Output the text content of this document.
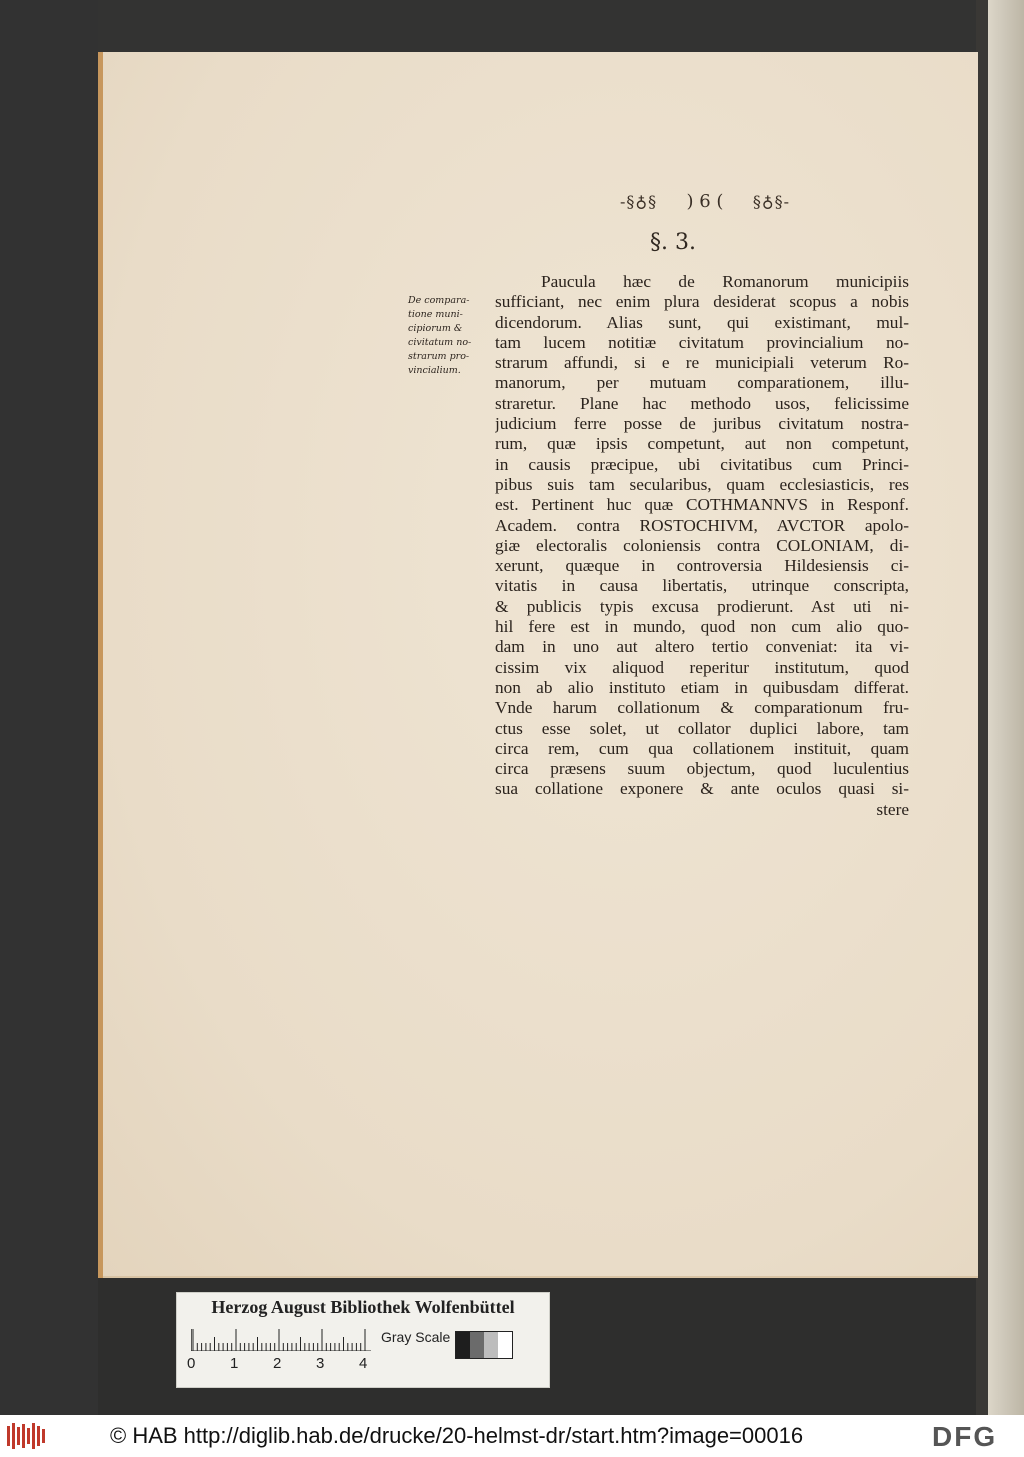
-§♁§ ) 6 ( §♁§-
§. 3.
De compara-
tione muni-
cipiorum &
civitatum no-
strarum pro-
vincialium.
Paucula hæc de Romanorum municipiis
sufficiant, nec enim plura desiderat scopus a nobis
dicendorum. Alias sunt, qui existimant, mul-
tam lucem notitiæ civitatum provincialium no-
strarum affundi, si e re municipiali veterum Ro-
manorum, per mutuam comparationem, illu-
straretur. Plane hac methodo usos, felicissime
judicium ferre posse de juribus civitatum nostra-
rum, quæ ipsis competunt, aut non competunt,
in causis præcipue, ubi civitatibus cum Princi-
pibus suis tam secularibus, quam ecclesiasticis, res
est. Pertinent huc quæ COTHMANNVS in Responf.
Academ. contra ROSTOCHIVM, AVCTOR apolo-
giæ electoralis coloniensis contra COLONIAM, di-
xerunt, quæque in controversia Hildesiensis ci-
vitatis in causa libertatis, utrinque conscripta,
& publicis typis excusa prodierunt. Ast uti ni-
hil fere est in mundo, quod non cum alio quo-
dam in uno aut altero tertio conveniat: ita vi-
cissim vix aliquod reperitur institutum, quod
non ab alio instituto etiam in quibusdam differat.
Vnde harum collationum & comparationum fru-
ctus esse solet, ut collator duplici labore, tam
circa rem, cum qua collationem instituit, quam
circa præsens suum objectum, quod luculentius
sua collatione exponere & ante oculos quasi si-
stere
Herzog August Bibliothek Wolfenbüttel
0 1 2 3 4
Gray Scale
© HAB http://diglib.hab.de/drucke/20-helmst-dr/start.htm?image=00016	DFG
